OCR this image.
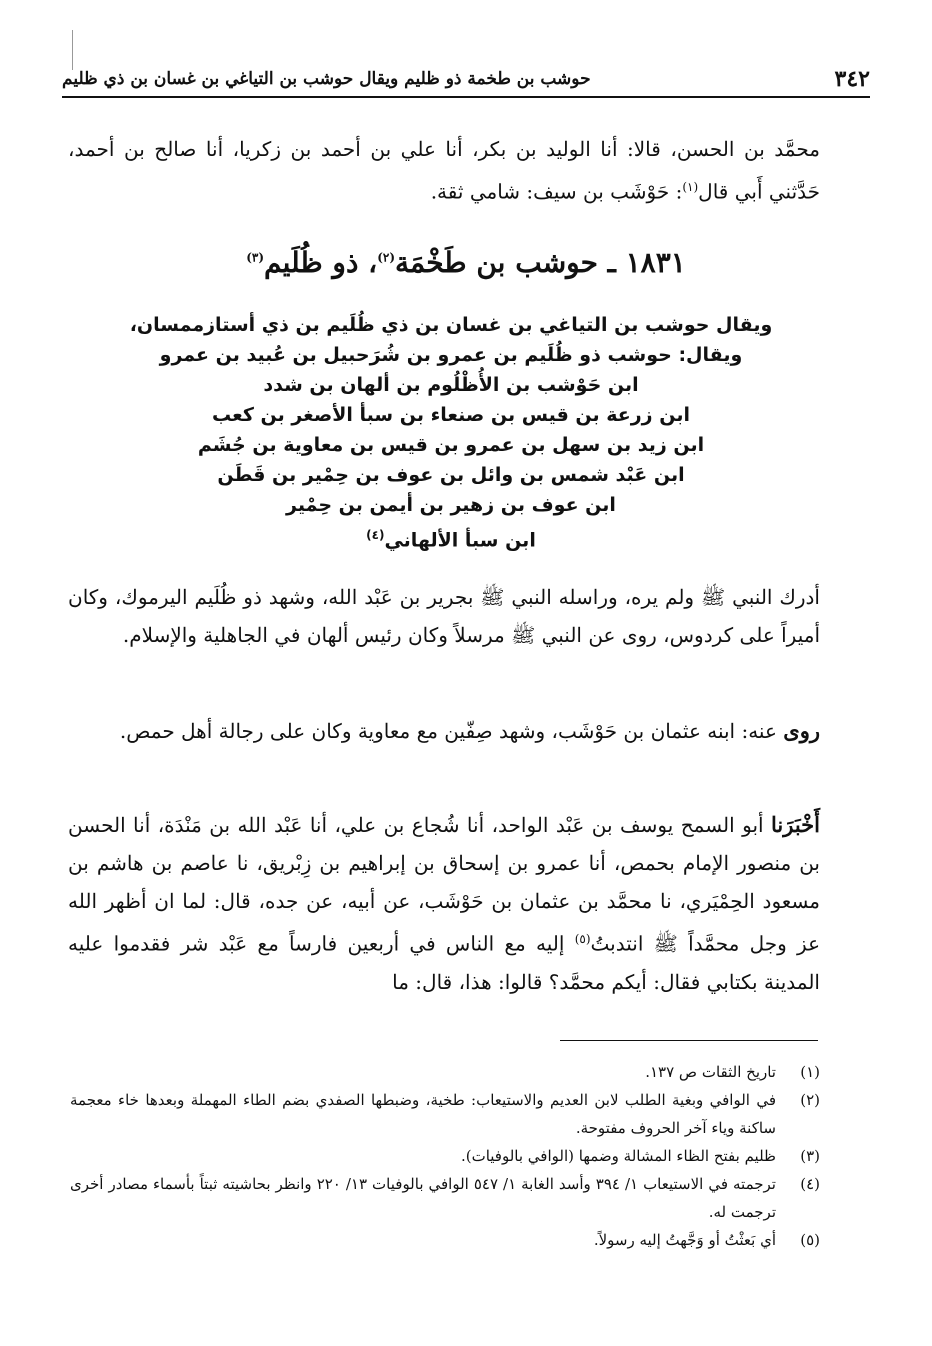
٣٤٢
حوشب بن طخمة ذو ظليم ويقال حوشب بن التياغي بن غسان بن ذي ظليم
محمَّد بن الحسن، قالا: أنا الوليد بن بكر، أنا علي بن أحمد بن زكريا، أنا صالح بن أحمد، حَدَّثني أَبي قال$^{(١)}$: حَوْشَب بن سيف: شامي ثقة.
١٨٣١ ـ حوشب بن طَخْمَة$^{(٢)}$، ذو ظُلَيم$^{(٣)}$
ويقال حوشب بن التياغي بن غسان بن ذي ظُلَيم بن ذي أستازممسان،
ويقال: حوشب ذو ظُلَيم بن عمرو بن شُرَحبيل بن عُبيد بن عمرو
ابن حَوْشب بن الأُظْلُوم بن ألهان بن شدد
ابن زرعة بن قيس بن صنعاء بن سبأ الأصغر بن كعب
ابن زيد بن سهل بن عمرو بن قيس بن معاوية بن جُشَم
ابن عَبْد شمس بن وائل بن عوف بن حِمْير بن قَطَن
ابن عوف بن زهير بن أيمن بن حِمْير
ابن سبأ الألهاني$^{(٤)}$
أدرك النبي ﷺ ولم يره، وراسله النبي ﷺ بجرير بن عَبْد الله، وشهد ذو ظُلَيم اليرموك، وكان أميراً على كردوس، روى عن النبي ﷺ مرسلاً وكان رئيس ألهان في الجاهلية والإسلام.
روى عنه: ابنه عثمان بن حَوْشَب، وشهد صِفّين مع معاوية وكان على رجالة أهل حمص.
أَخْبَرَنا أبو السمح يوسف بن عَبْد الواحد، أنا شُجاع بن علي، أنا عَبْد الله بن مَنْدَة، أنا الحسن بن منصور الإمام بحمص، أنا عمرو بن إسحاق بن إبراهيم بن زِبْريق، نا عاصم بن هاشم بن مسعود الحِمْيَري، نا محمَّد بن عثمان بن حَوْشَب، عن أبيه، عن جده، قال: لما ان أظهر الله عز وجل محمَّداً ﷺ انتدبتُ$^{(٥)}$ إليه مع الناس في أربعين فارساً مع عَبْد شر فقدموا عليه المدينة بكتابي فقال: أيكم محمَّد؟ قالوا: هذا، قال: ما
(١)
تاريخ الثقات ص ١٣٧.
(٢)
في الوافي وبغية الطلب لابن العديم والاستيعاب: طخية، وضبطها الصفدي بضم الطاء المهملة وبعدها خاء معجمة ساكنة وياء آخر الحروف مفتوحة.
(٣)
ظليم بفتح الظاء المشالة وضمها (الوافي بالوفيات).
(٤)
ترجمته في الاستيعاب ١/ ٣٩٤ وأسد الغابة ١/ ٥٤٧ الوافي بالوفيات ١٣/ ٢٢٠ وانظر بحاشيته ثبتاً بأسماء مصادر أخرى ترجمت له.
(٥)
أي بَعثْتُ أو وَجَّهتُ إليه رسولاً.
